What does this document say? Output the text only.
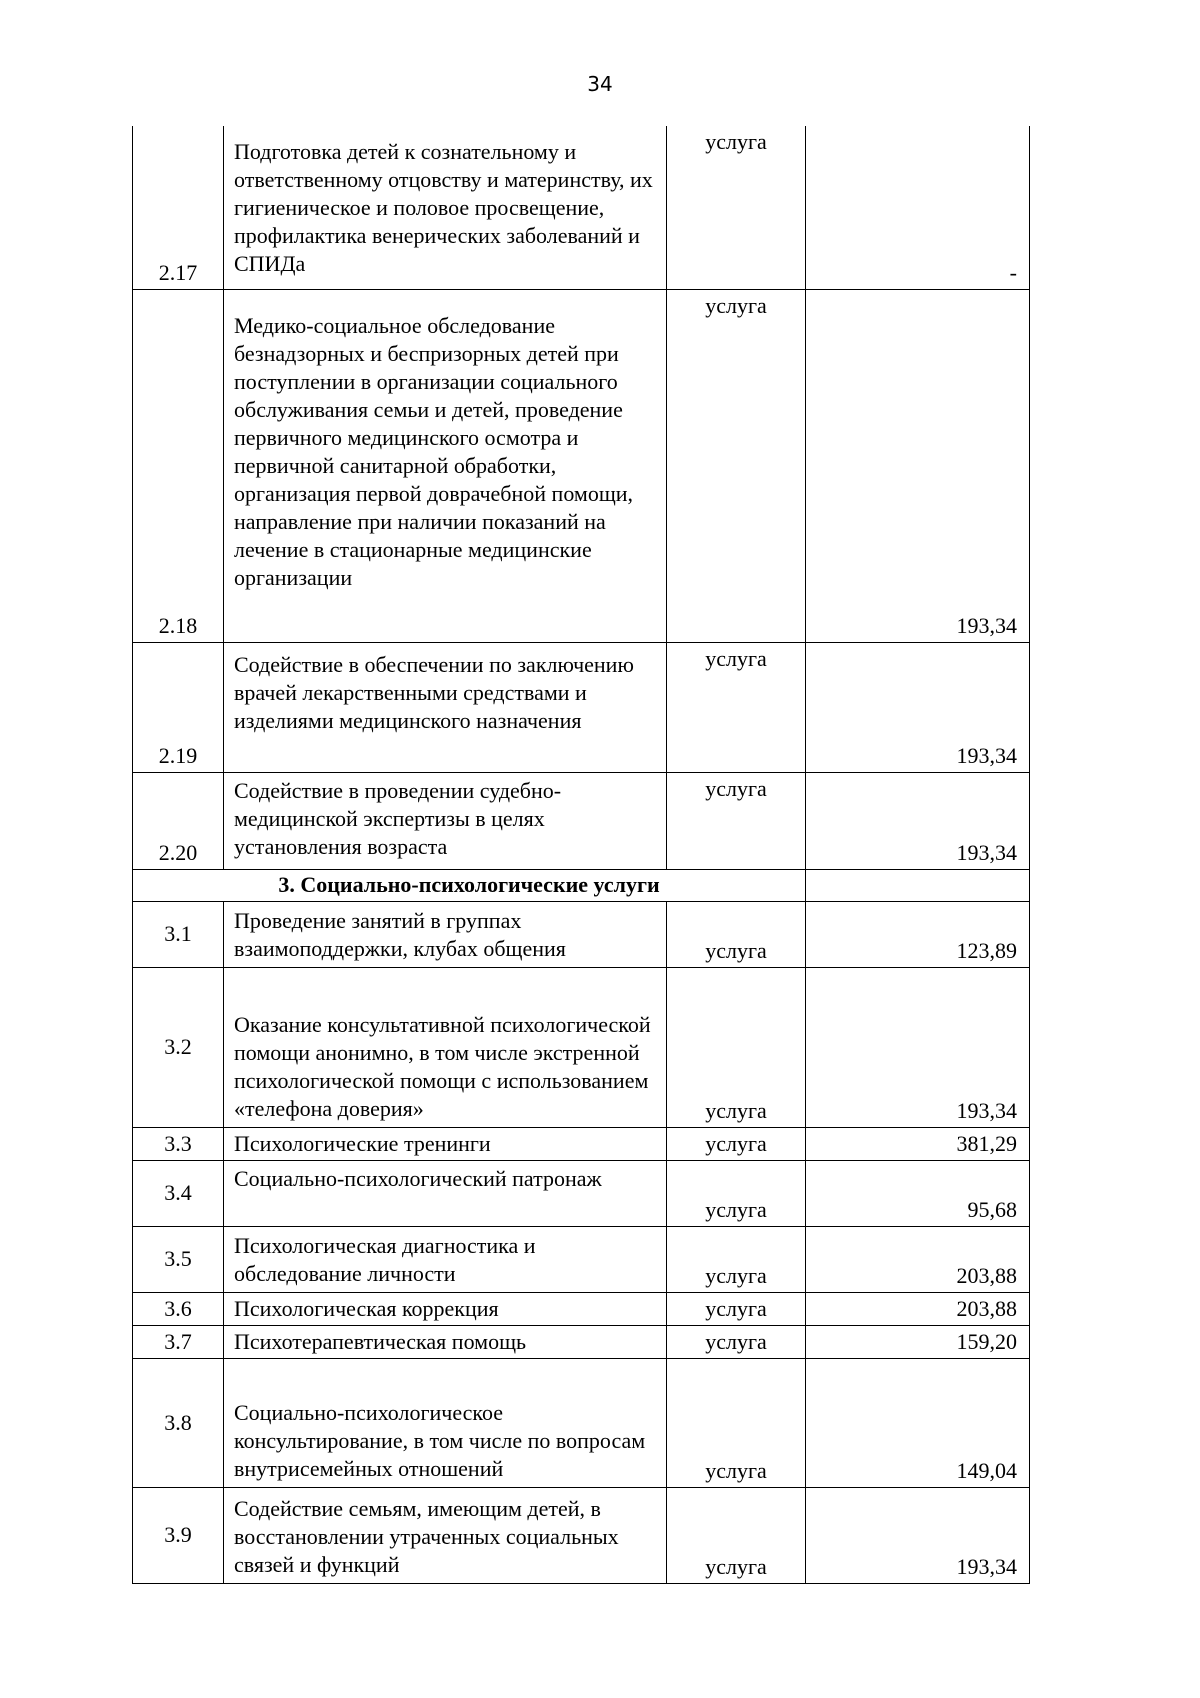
34
2.17	Подготовка детей к сознательному и ответственному отцовству и материнству, их гигиеническое и половое просвещение, профилактика венерических заболеваний и СПИДа	услуга	-
2.18	Медико-социальное обследование безнадзорных и беспризорных детей при поступлении в организации социального обслуживания семьи и детей, проведение первичного медицинского осмотра и первичной санитарной обработки, организация первой доврачебной помощи, направление при наличии показаний на лечение в стационарные медицинские организации	услуга	193,34
2.19	Содействие в обеспечении по заключению врачей лекарственными средствами и изделиями медицинского назначения	услуга	193,34
2.20	Содействие в проведении судебно-медицинской экспертизы в целях установления возраста	услуга	193,34
3. Социально-психологические услуги			
3.1	Проведение занятий в группах взаимоподдержки, клубах общения	услуга	123,89
3.2	Оказание консультативной психологической помощи анонимно, в том числе экстренной психологической помощи с использованием «телефона доверия»	услуга	193,34
3.3	Психологические тренинги	услуга	381,29
3.4	Социально-психологический патронаж	услуга	95,68
3.5	Психологическая диагностика и обследование личности	услуга	203,88
3.6	Психологическая коррекция	услуга	203,88
3.7	Психотерапевтическая помощь	услуга	159,20
3.8	Социально-психологическое консультирование, в том числе по вопросам внутрисемейных отношений	услуга	149,04
3.9	Содействие семьям, имеющим детей, в восстановлении утраченных социальных связей и функций	услуга	193,34
